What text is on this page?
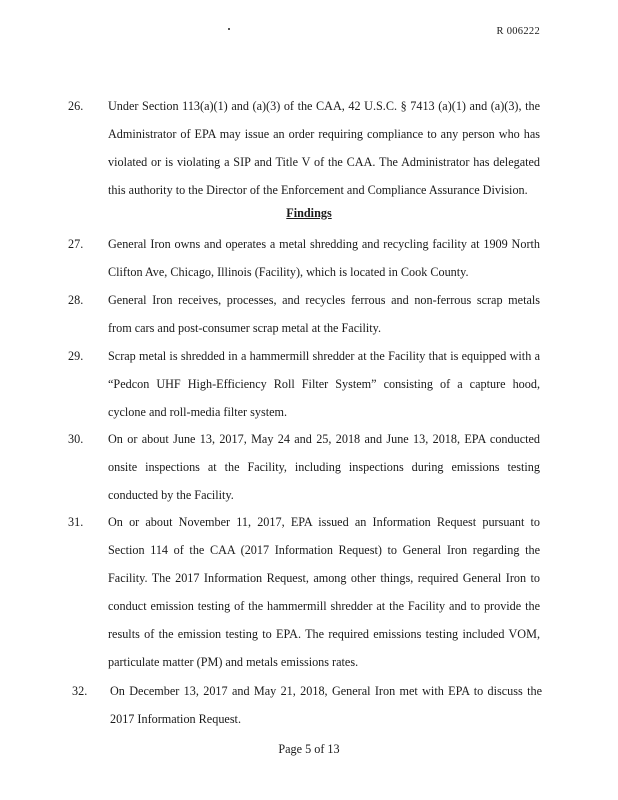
R 006222
26. Under Section 113(a)(1) and (a)(3) of the CAA, 42 U.S.C. § 7413 (a)(1) and (a)(3), the Administrator of EPA may issue an order requiring compliance to any person who has violated or is violating a SIP and Title V of the CAA. The Administrator has delegated this authority to the Director of the Enforcement and Compliance Assurance Division.
Findings
27. General Iron owns and operates a metal shredding and recycling facility at 1909 North Clifton Ave, Chicago, Illinois (Facility), which is located in Cook County.
28. General Iron receives, processes, and recycles ferrous and non-ferrous scrap metals from cars and post-consumer scrap metal at the Facility.
29. Scrap metal is shredded in a hammermill shredder at the Facility that is equipped with a “Pedcon UHF High-Efficiency Roll Filter System” consisting of a capture hood, cyclone and roll-media filter system.
30. On or about June 13, 2017, May 24 and 25, 2018 and June 13, 2018, EPA conducted onsite inspections at the Facility, including inspections during emissions testing conducted by the Facility.
31. On or about November 11, 2017, EPA issued an Information Request pursuant to Section 114 of the CAA (2017 Information Request) to General Iron regarding the Facility. The 2017 Information Request, among other things, required General Iron to conduct emission testing of the hammermill shredder at the Facility and to provide the results of the emission testing to EPA. The required emissions testing included VOM, particulate matter (PM) and metals emissions rates.
32. On December 13, 2017 and May 21, 2018, General Iron met with EPA to discuss the 2017 Information Request.
Page 5 of 13
